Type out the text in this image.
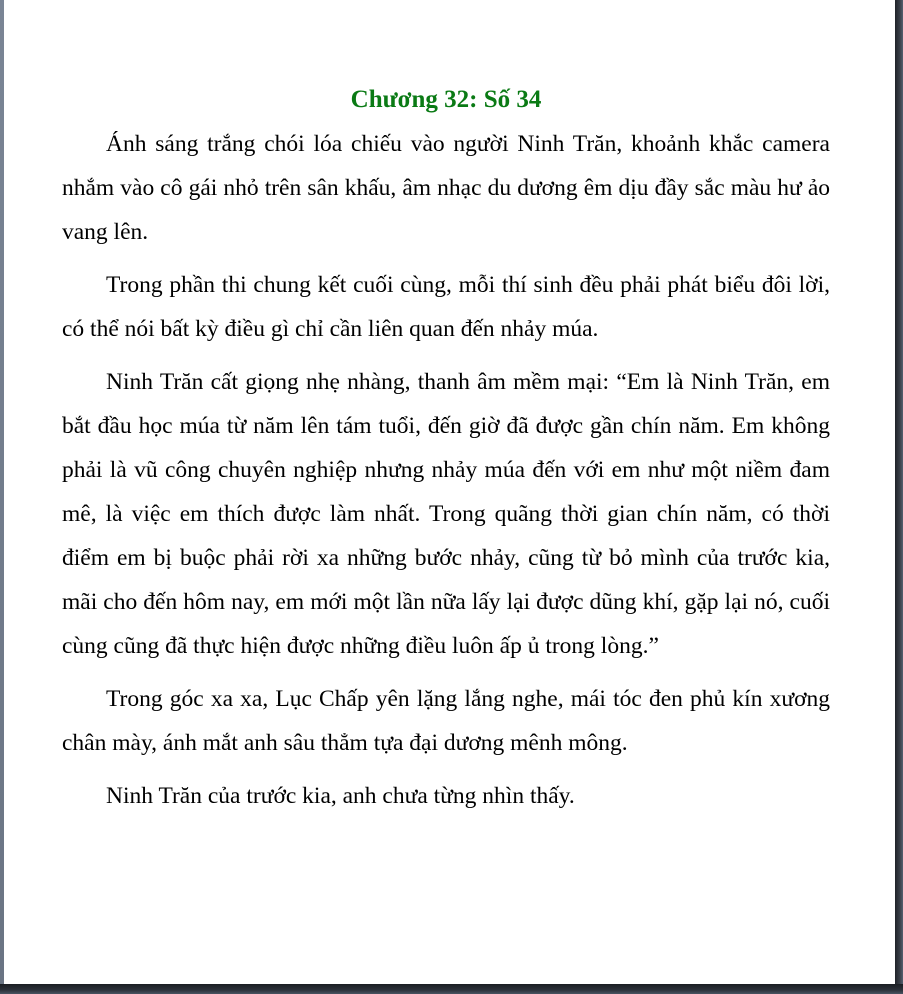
Chương 32: Số 34

Ánh sáng trắng chói lóa chiếu vào người Ninh Trăn, khoảnh khắc camera nhắm vào cô gái nhỏ trên sân khấu, âm nhạc du dương êm dịu đầy sắc màu hư ảo vang lên.

Trong phần thi chung kết cuối cùng, mỗi thí sinh đều phải phát biểu đôi lời, có thể nói bất kỳ điều gì chỉ cần liên quan đến nhảy múa.

Ninh Trăn cất giọng nhẹ nhàng, thanh âm mềm mại: “Em là Ninh Trăn, em bắt đầu học múa từ năm lên tám tuổi, đến giờ đã được gần chín năm. Em không phải là vũ công chuyên nghiệp nhưng nhảy múa đến với em như một niềm đam mê, là việc em thích được làm nhất. Trong quãng thời gian chín năm, có thời điểm em bị buộc phải rời xa những bước nhảy, cũng từ bỏ mình của trước kia, mãi cho đến hôm nay, em mới một lần nữa lấy lại được dũng khí, gặp lại nó, cuối cùng cũng đã thực hiện được những điều luôn ấp ủ trong lòng.”

Trong góc xa xa, Lục Chấp yên lặng lắng nghe, mái tóc đen phủ kín xương chân mày, ánh mắt anh sâu thẳm tựa đại dương mênh mông.

Ninh Trăn của trước kia, anh chưa từng nhìn thấy.
